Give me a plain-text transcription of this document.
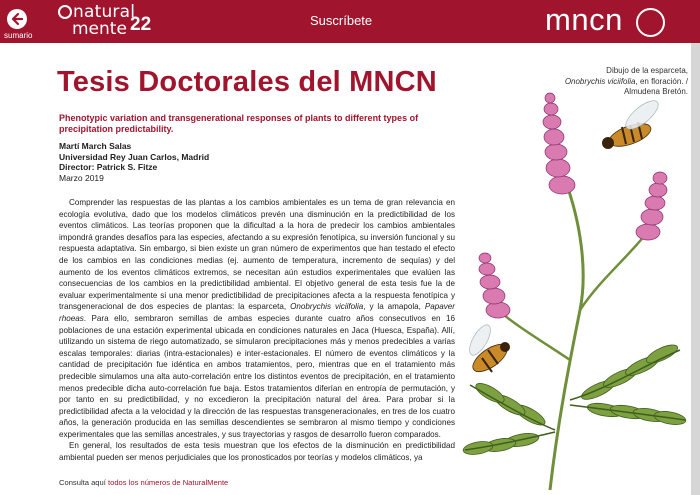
sumario
natural
mente 22	Suscríbete	mncn
Tesis Doctorales del MNCN
Phenotypic variation and transgenerational responses of plants to different types of precipitation predictability.
Martí March Salas
Universidad Rey Juan Carlos, Madrid
Director: Patrick S. Fitze
Marzo 2019

Comprender las respuestas de las plantas a los cambios ambientales es un tema de gran relevancia en ecología evolutiva, dado que los modelos climáticos prevén una disminución en la predictibilidad de los eventos climáticos. Las teorías proponen que la dificultad a la hora de predecir los cambios ambientales impondrá grandes desafíos para las especies, afectando a su expresión fenotípica, su inversión funcional y su respuesta adaptativa. Sin embargo, si bien existe un gran número de experimentos que han testado el efecto de los cambios en las condiciones medias (ej. aumento de temperatura, incremento de sequías) y del aumento de los eventos climáticos extremos, se necesitan aún estudios experimentales que evalúen las consecuencias de los cambios en la predictibilidad ambiental. El objetivo general de esta tesis fue la de evaluar experimentalmente si una menor predictibilidad de precipitaciones afecta a la respuesta fenotípica y transgeneracional de dos especies de plantas: la esparceta, Onobrychis viciifolia, y la amapola, Papaver rhoeas. Para ello, sembraron semillas de ambas especies durante cuatro años consecutivos en 16 poblaciones de una estación experimental ubicada en condiciones naturales en Jaca (Huesca, España). Allí, utilizando un sistema de riego automatizado, se simularon precipitaciones más y menos predecibles a varias escalas temporales: diarias (intra-estacionales) e inter-estacionales. El número de eventos climáticos y la cantidad de precipitación fue idéntica en ambos tratamientos, pero, mientras que en el tratamiento más predecible simulamos una alta auto-correlación entre los distintos eventos de precipitación, en el tratamiento menos predecible dicha auto-correlación fue baja. Estos tratamientos diferían en entropía de permutación, y por tanto en su predictibilidad, y no excedieron la precipitación natural del área. Para probar si la predictibilidad afecta a la velocidad y la dirección de las respuestas transgeneracionales, en tres de los cuatro años, la generación producida en las semillas descendientes se sembraron al mismo tiempo y condiciones experimentales que las semillas ancestrales, y sus trayectorias y rasgos de desarrollo fueron comparados.

En general, los resultados de esta tesis muestran que los efectos de la disminución en predictibilidad ambiental pueden ser menos perjudiciales que los pronosticados por teorías y modelos climáticos, ya

Consulta aquí todos los números de NaturalMente
Dibujo de la esparceta,
Onobrychis viciifolia, en floración. / Almudena Bretón.
